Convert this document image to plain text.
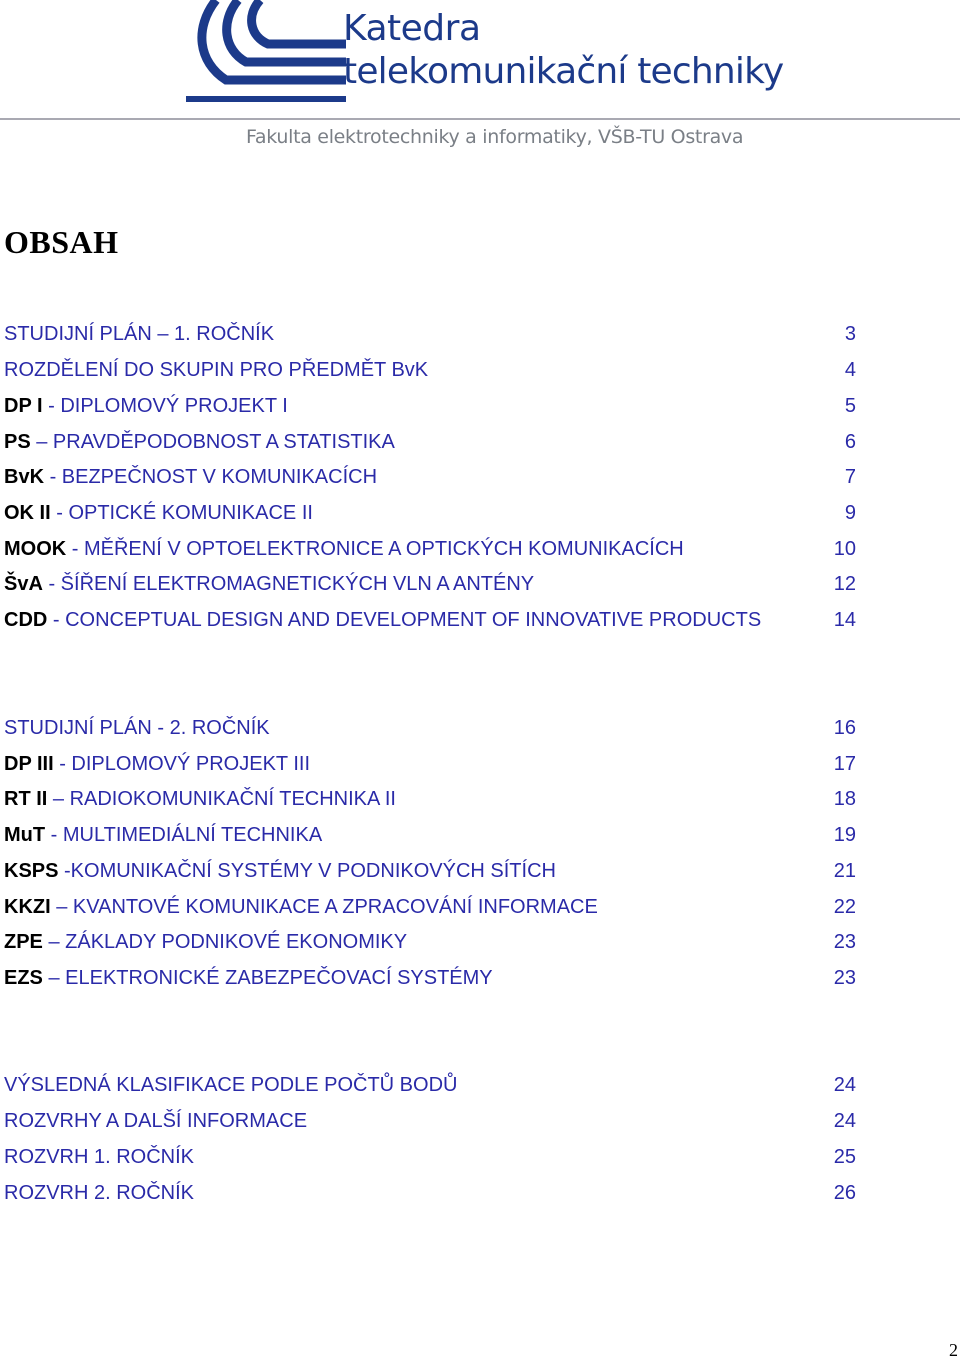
Katedra
telekomunikační techniky
Fakulta elektrotechniky a informatiky, VŠB-TU Ostrava
OBSAH
STUDIJNÍ PLÁN – 1. ROČNÍK	3
ROZDĚLENÍ DO SKUPIN PRO PŘEDMĚT BvK	4
DP I - DIPLOMOVÝ PROJEKT I	5
PS – PRAVDĚPODOBNOST A STATISTIKA	6
BvK - BEZPEČNOST V KOMUNIKACÍCH	7
OK II - OPTICKÉ KOMUNIKACE II	9
MOOK - MĚŘENÍ V OPTOELEKTRONICE A OPTICKÝCH KOMUNIKACÍCH	10
ŠvA - ŠÍŘENÍ ELEKTROMAGNETICKÝCH VLN A ANTÉNY	12
CDD - CONCEPTUAL DESIGN AND DEVELOPMENT OF INNOVATIVE PRODUCTS	14
STUDIJNÍ PLÁN - 2. ROČNÍK	16
DP III - DIPLOMOVÝ PROJEKT III	17
RT II – RADIOKOMUNIKAČNÍ TECHNIKA II	18
MuT - MULTIMEDIÁLNÍ TECHNIKA	19
KSPS -KOMUNIKAČNÍ SYSTÉMY V PODNIKOVÝCH SÍTÍCH	21
KKZI – KVANTOVÉ KOMUNIKACE A ZPRACOVÁNÍ INFORMACE	22
ZPE – ZÁKLADY PODNIKOVÉ EKONOMIKY	23
EZS – ELEKTRONICKÉ ZABEZPEČOVACÍ SYSTÉMY	23
VÝSLEDNÁ KLASIFIKACE PODLE POČTŮ BODŮ	24
ROZVRHY A DALŠÍ INFORMACE	24
ROZVRH 1. ROČNÍK	25
ROZVRH 2. ROČNÍK	26
2
